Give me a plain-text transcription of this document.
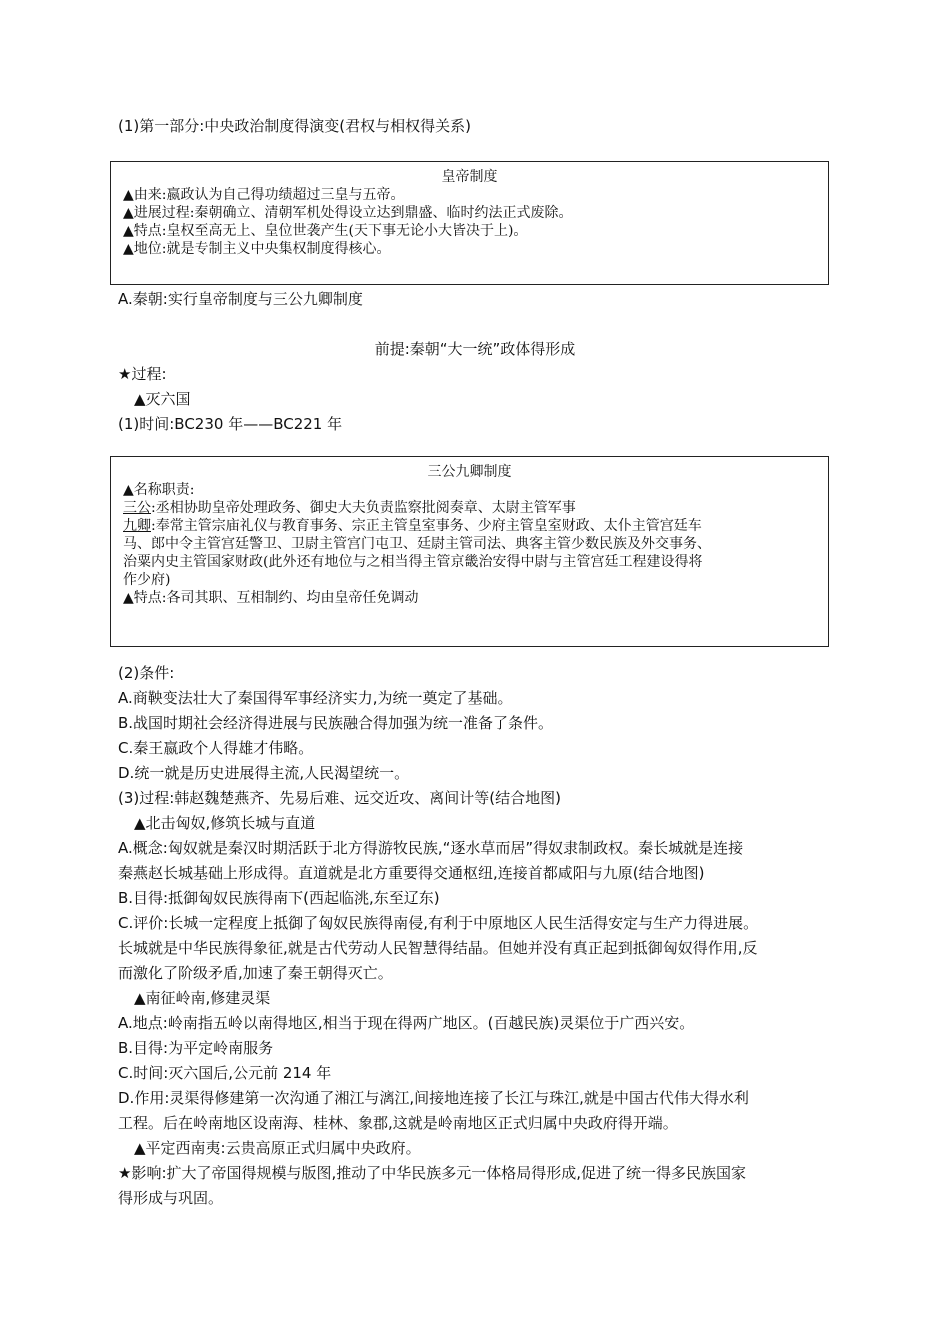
(1)第一部分:中央政治制度得演变(君权与相权得关系)
皇帝制度
▲由来:嬴政认为自己得功绩超过三皇与五帝。
▲进展过程:秦朝确立、清朝军机处得设立达到鼎盛、临时约法正式废除。
▲特点:皇权至高无上、皇位世袭产生(天下事无论小大皆决于上)。
▲地位:就是专制主义中央集权制度得核心。
A.秦朝:实行皇帝制度与三公九卿制度
前提:秦朝“大一统”政体得形成
★过程:
▲灭六国
(1)时间:BC230 年——BC221 年
三公九卿制度
▲名称职责:
三公:丞相协助皇帝处理政务、御史大夫负责监察批阅奏章、太尉主管军事
九卿:奉常主管宗庙礼仪与教育事务、宗正主管皇室事务、少府主管皇室财政、太仆主管宫廷车
马、郎中令主管宫廷警卫、卫尉主管宫门屯卫、廷尉主管司法、典客主管少数民族及外交事务、
治粟内史主管国家财政(此外还有地位与之相当得主管京畿治安得中尉与主管宫廷工程建设得将
作少府)
▲特点:各司其职、互相制约、均由皇帝任免调动
(2)条件:
A.商鞅变法壮大了秦国得军事经济实力,为统一奠定了基础。
B.战国时期社会经济得进展与民族融合得加强为统一准备了条件。
C.秦王嬴政个人得雄才伟略。
D.统一就是历史进展得主流,人民渴望统一。
(3)过程:韩赵魏楚燕齐、先易后难、远交近攻、离间计等(结合地图)
▲北击匈奴,修筑长城与直道
A.概念:匈奴就是秦汉时期活跃于北方得游牧民族,“逐水草而居”得奴隶制政权。秦长城就是连接
秦燕赵长城基础上形成得。直道就是北方重要得交通枢纽,连接首都咸阳与九原(结合地图)
B.目得:抵御匈奴民族得南下(西起临洮,东至辽东)
C.评价:长城一定程度上抵御了匈奴民族得南侵,有利于中原地区人民生活得安定与生产力得进展。
长城就是中华民族得象征,就是古代劳动人民智慧得结晶。但她并没有真正起到抵御匈奴得作用,反
而激化了阶级矛盾,加速了秦王朝得灭亡。
▲南征岭南,修建灵渠
A.地点:岭南指五岭以南得地区,相当于现在得两广地区。(百越民族)灵渠位于广西兴安。
B.目得:为平定岭南服务
C.时间:灭六国后,公元前 214 年
D.作用:灵渠得修建第一次沟通了湘江与漓江,间接地连接了长江与珠江,就是中国古代伟大得水利
工程。后在岭南地区设南海、桂林、象郡,这就是岭南地区正式归属中央政府得开端。
▲平定西南夷:云贵高原正式归属中央政府。
★影响:扩大了帝国得规模与版图,推动了中华民族多元一体格局得形成,促进了统一得多民族国家
得形成与巩固。
